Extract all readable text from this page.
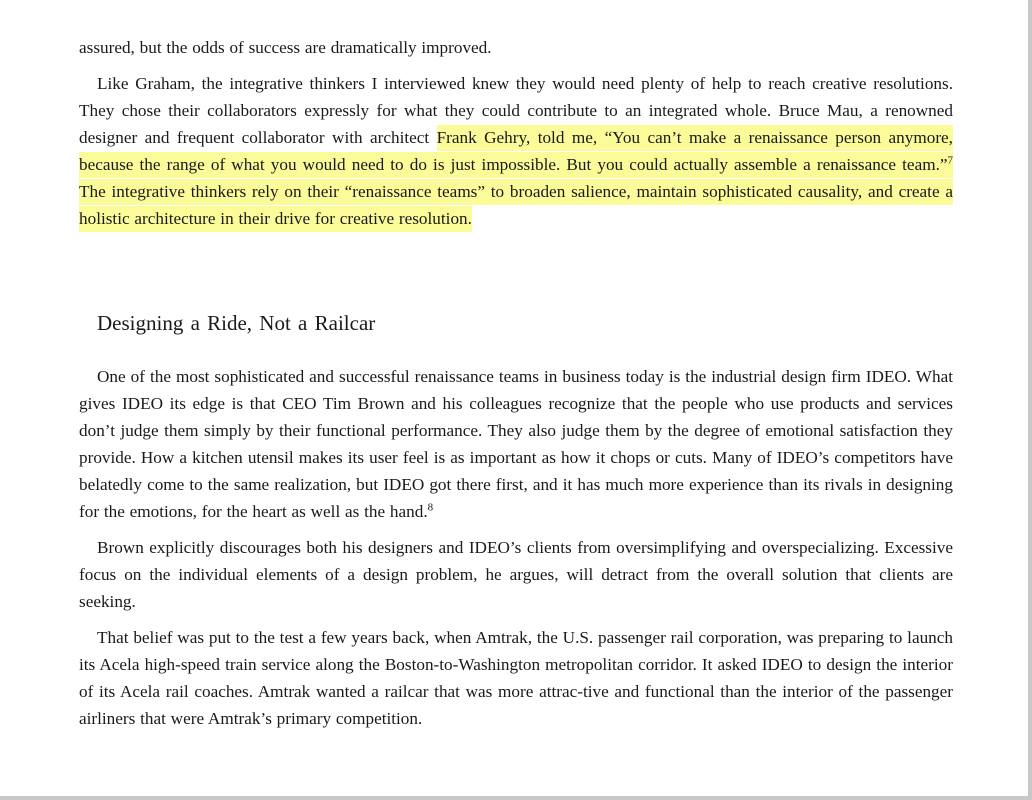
assured, but the odds of success are dramatically improved.

Like Graham, the integrative thinkers I interviewed knew they would need plenty of help to reach creative resolutions. They chose their collaborators expressly for what they could contribute to an integrated whole. Bruce Mau, a renowned designer and frequent collaborator with architect Frank Gehry, told me, “You can’t make a renaissance person anymore, because the range of what you would need to do is just impossible. But you could actually assemble a renaissance team.”$^7$ The integrative thinkers rely on their “renaissance teams” to broaden salience, maintain sophisticated causality, and create a holistic architecture in their drive for creative resolution.

Designing a Ride, Not a Railcar

One of the most sophisticated and successful renaissance teams in business today is the industrial design firm IDEO. What gives IDEO its edge is that CEO Tim Brown and his colleagues recognize that the people who use products and services don’t judge them simply by their functional performance. They also judge them by the degree of emotional satisfaction they provide. How a kitchen utensil makes its user feel is as important as how it chops or cuts. Many of IDEO’s competitors have belatedly come to the same realization, but IDEO got there first, and it has much more experience than its rivals in designing for the emotions, for the heart as well as the hand.$^8$

Brown explicitly discourages both his designers and IDEO’s clients from oversimplifying and overspecializing. Excessive focus on the individual elements of a design problem, he argues, will detract from the overall solution that clients are seeking.

That belief was put to the test a few years back, when Amtrak, the U.S. passenger rail corporation, was preparing to launch its Acela high-speed train service along the Boston-to-Washington metropolitan corridor. It asked IDEO to design the interior of its Acela rail coaches. Amtrak wanted a railcar that was more attrac-tive and functional than the interior of the passenger airliners that were Amtrak’s primary competition.
